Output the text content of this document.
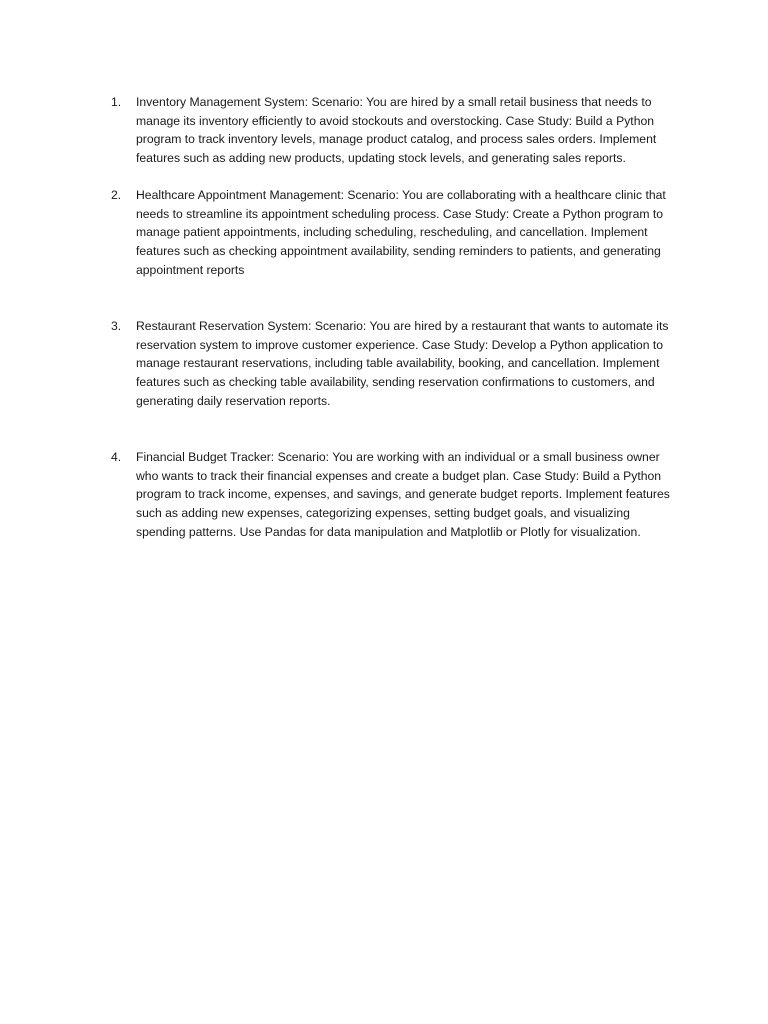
1. Inventory Management System: Scenario: You are hired by a small retail business that needs to manage its inventory efficiently to avoid stockouts and overstocking. Case Study: Build a Python program to track inventory levels, manage product catalog, and process sales orders. Implement features such as adding new products, updating stock levels, and generating sales reports.

2. Healthcare Appointment Management: Scenario: You are collaborating with a healthcare clinic that needs to streamline its appointment scheduling process. Case Study: Create a Python program to manage patient appointments, including scheduling, rescheduling, and cancellation. Implement features such as checking appointment availability, sending reminders to patients, and generating appointment reports

3. Restaurant Reservation System: Scenario: You are hired by a restaurant that wants to automate its reservation system to improve customer experience. Case Study: Develop a Python application to manage restaurant reservations, including table availability, booking, and cancellation. Implement features such as checking table availability, sending reservation confirmations to customers, and generating daily reservation reports.

4. Financial Budget Tracker: Scenario: You are working with an individual or a small business owner who wants to track their financial expenses and create a budget plan. Case Study: Build a Python program to track income, expenses, and savings, and generate budget reports. Implement features such as adding new expenses, categorizing expenses, setting budget goals, and visualizing spending patterns. Use Pandas for data manipulation and Matplotlib or Plotly for visualization.
